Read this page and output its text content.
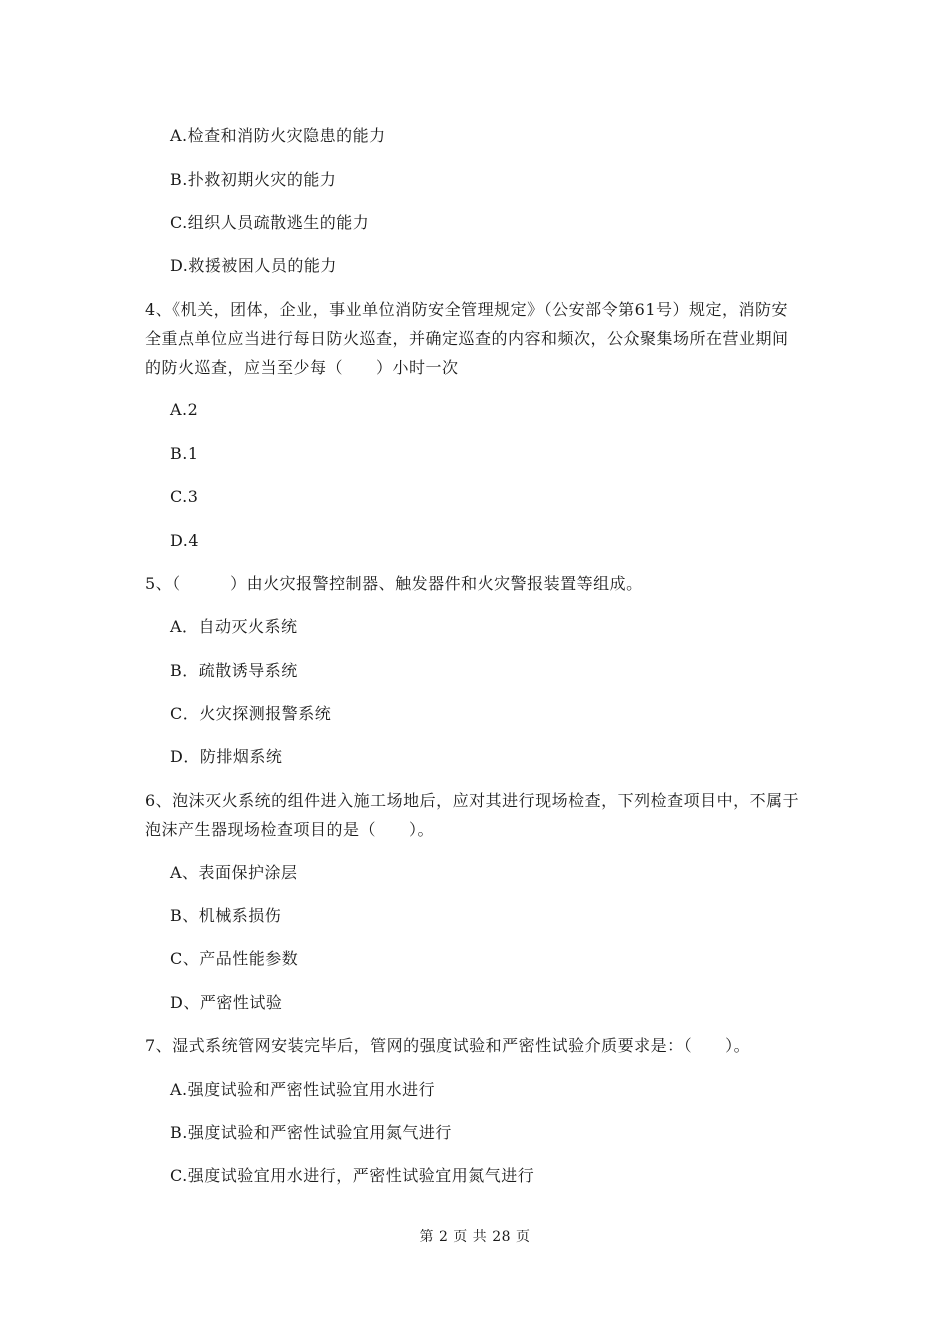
A.检查和消防火灾隐患的能力
B.扑救初期火灾的能力
C.组织人员疏散逃生的能力
D.救援被困人员的能力
4、《机关，团体，企业，事业单位消防安全管理规定》（公安部令第61号）规定，消防安
全重点单位应当进行每日防火巡查，并确定巡查的内容和频次，公众聚集场所在营业期间
的防火巡查，应当至少每（　　）小时一次
A.2
B.1
C.3
D.4
5、（　　　）由火灾报警控制器、触发器件和火灾警报装置等组成。
A．自动灭火系统
B．疏散诱导系统
C．火灾探测报警系统
D．防排烟系统
6、泡沫灭火系统的组件进入施工场地后，应对其进行现场检查，下列检查项目中，不属于
泡沫产生器现场检查项目的是（　　）。
A、表面保护涂层
B、机械系损伤
C、产品性能参数
D、严密性试验
7、湿式系统管网安装完毕后，管网的强度试验和严密性试验介质要求是：（　　）。
A.强度试验和严密性试验宜用水进行
B.强度试验和严密性试验宜用氮气进行
C.强度试验宜用水进行，严密性试验宜用氮气进行
第 2 页 共 28 页
